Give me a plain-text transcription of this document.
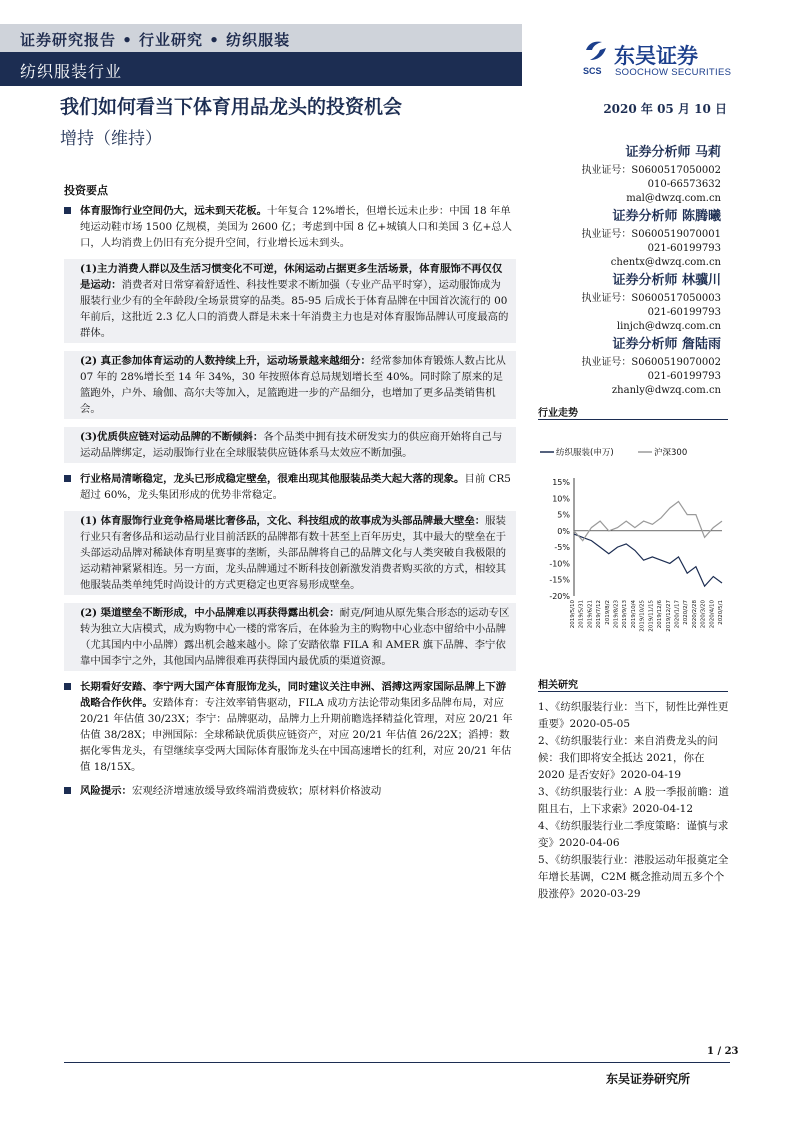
证券研究报告 • 行业研究 • 纺织服装
纺织服装行业	SCS
东吴证券
SOOCHOW SECURITIES
我们如何看当下体育用品龙头的投资机会
增持（维持）
2020 年 05 月 10 日
投资要点
体育服饰行业空间仍大，远未到天花板。十年复合 12%增长，但增长远未止步：中国 18 年单纯运动鞋市场 1500 亿规模，美国为 2600 亿；考虑到中国 8 亿+城镇人口和美国 3 亿+总人口，人均消费上仍旧有充分提升空间，行业增长远未到头。
(1)主力消费人群以及生活习惯变化不可逆，休闲运动占据更多生活场景，体育服饰不再仅仅是运动：消费者对日常穿着舒适性、科技性要求不断加强（专业产品平时穿），运动服饰成为服装行业少有的全年龄段/全场景贯穿的品类。85-95 后成长于体育品牌在中国首次流行的 00 年前后，这批近 2.3 亿人口的消费人群是未来十年消费主力也是对体育服饰品牌认可度最高的群体。
(2) 真正参加体育运动的人数持续上升，运动场景越来越细分：经常参加体育锻炼人数占比从 07 年的 28%增长至 14 年 34%，30 年按照体育总局规划增长至 40%。同时除了原来的足篮跑外，户外、瑜伽、高尔夫等加入，足篮跑进一步的产品细分，也增加了更多品类销售机会。
(3)优质供应链对运动品牌的不断倾斜：各个品类中拥有技术研发实力的供应商开始将自己与运动品牌绑定，运动服饰行业在全球服装供应链体系马太效应不断加强。
行业格局清晰稳定，龙头已形成稳定壁垒，很难出现其他服装品类大起大落的现象。目前 CR5 超过 60%，龙头集团形成的优势非常稳定。
(1) 体育服饰行业竞争格局堪比奢侈品，文化、科技组成的故事成为头部品牌最大壁垒：服装行业只有奢侈品和运动品行业目前活跃的品牌都有数十甚至上百年历史，其中最大的壁垒在于头部运动品牌对稀缺体育明星赛事的垄断，头部品牌将自己的品牌文化与人类突破自我极限的运动精神紧紧相连。另一方面，龙头品牌通过不断科技创新激发消费者购买欲的方式，相较其他服装品类单纯凭时尚设计的方式更稳定也更容易形成壁垒。
(2) 渠道壁垒不断形成，中小品牌难以再获得露出机会：耐克/阿迪从原先集合形态的运动专区转为独立大店模式，成为购物中心一楼的常客后，在体验为主的购物中心业态中留给中小品牌（尤其国内中小品牌）露出机会越来越小。除了安踏依靠 FILA 和 AMER 旗下品牌、李宁依靠中国李宁之外，其他国内品牌很难再获得国内最优质的渠道资源。
长期看好安踏、李宁两大国产体育服饰龙头，同时建议关注申洲、滔搏这两家国际品牌上下游战略合作伙伴。安踏体育：专注效率销售驱动，FILA 成功方法论带动集团多品牌布局，对应 20/21 年估值 30/23X；李宁：品牌驱动，品牌力上升期前瞻选择精益化管理，对应 20/21 年估值 38/28X；申洲国际：全球稀缺优质供应链资产，对应 20/21 年估值 26/22X；滔搏：数据化零售龙头，有望继续享受两大国际体育服饰龙头在中国高速增长的红利，对应 20/21 年估值 18/15X。
风险提示：宏观经济增速放缓导致终端消费疲软；原材料价格波动
证券分析师 马莉
执业证号：S0600517050002
010-66573632
mal@dwzq.com.cn
证券分析师 陈腾曦
执业证号：S0600519070001
021-60199793
chentx@dwzq.com.cn
证券分析师 林骥川
执业证号：S0600517050003
021-60199793
linjch@dwzq.com.cn
证券分析师 詹陆雨
执业证号：S0600519070002
021-60199793
zhanly@dwzq.com.cn
行业走势
纺织服装(申万)	沪深300
15%
10%
5%
0%
-5%
-10%
-15%
-20%
2019/5/10 2019/5/31 2019/6/21 2019/7/12 2019/8/2 2019/8/23 2019/9/13 2019/10/4 2019/10/25 2019/11/15 2019/12/6 2019/12/27 2020/1/17 2020/2/7 2020/2/28 2020/3/20 2020/4/10 2020/5/1
相关研究
1、《纺织服装行业：当下，韧性比弹性更重要》2020-05-05
2、《纺织服装行业：来自消费龙头的问候：我们即将安全抵达 2021，你在 2020 是否安好》2020-04-19
3、《纺织服装行业：A 股一季报前瞻：道阻且右，上下求索》2020-04-12
4、《纺织服装行业二季度策略：谨慎与求变》2020-04-06
5、《纺织服装行业：港股运动年报奠定全年增长基调，C2M 概念推动周五多个个股涨停》2020-03-29
1 / 23
东吴证券研究所
